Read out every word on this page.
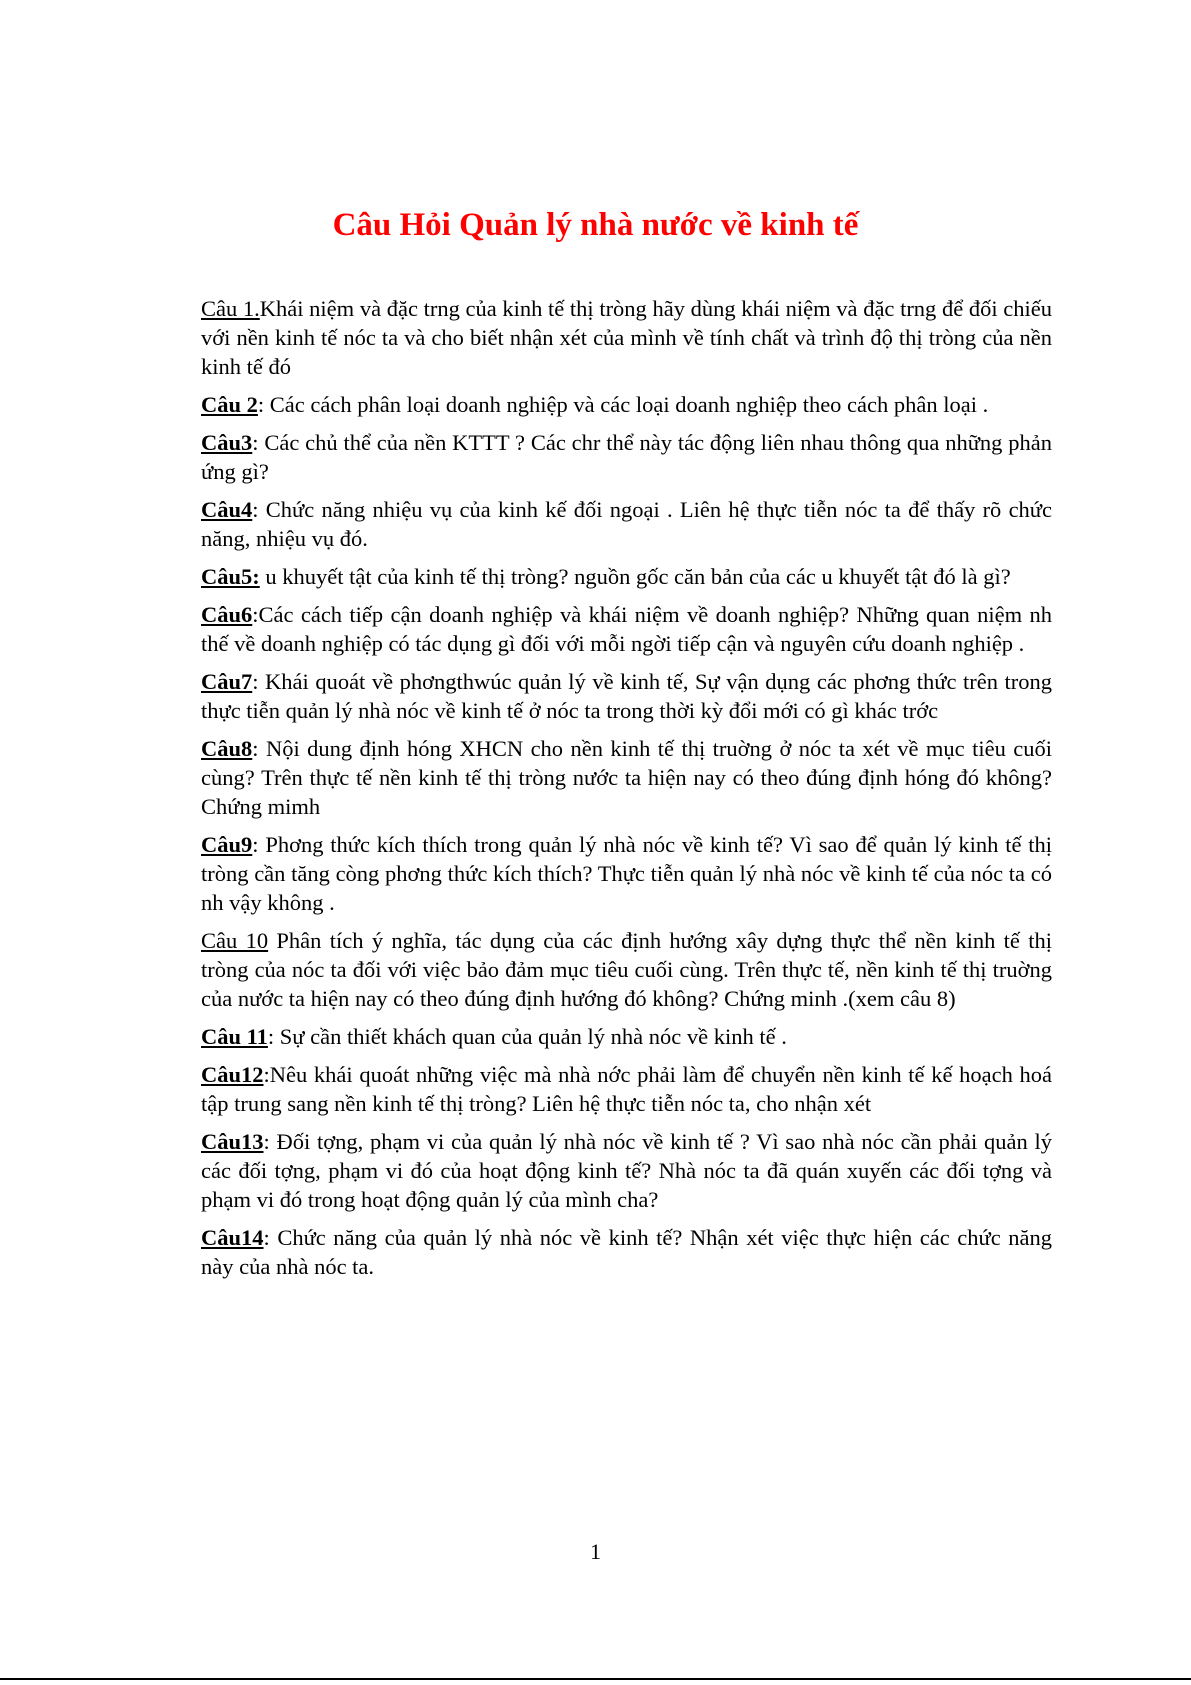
Câu Hỏi Quản lý nhà nước về kinh tế

Câu 1.Khái niệm và đặc trng của kinh tế thị tròng hãy dùng khái niệm và đặc trng để đối chiếu với nền kinh tế nóc ta và cho biết nhận xét của mình về tính chất và trình độ thị tròng của nền kinh tế đó

Câu 2: Các cách phân loại doanh nghiệp và các loại doanh nghiệp theo cách phân loại .

Câu3: Các chủ thể của nền KTTT ? Các chr thể này tác động liên nhau thông qua những phản ứng gì?

Câu4: Chức năng nhiệu vụ của kinh kế đối ngoại . Liên hệ thực tiễn nóc ta để thấy rõ chức năng, nhiệu vụ đó.

Câu5: u khuyết tật của kinh tế thị tròng? nguồn gốc căn bản của các u khuyết tật đó là gì?

Câu6:Các cách tiếp cận doanh nghiệp và khái niệm về doanh nghiệp? Những quan niệm nh thế về doanh nghiệp có tác dụng gì đối với mỗi ngời tiếp cận và nguyên cứu doanh nghiệp .

Câu7: Khái quoát về phơngthwúc quản lý về kinh tế, Sự vận dụng các phơng thức trên trong thực tiễn quản lý nhà nóc về kinh tế ở nóc ta trong thời kỳ đổi mới có gì khác trớc

Câu8: Nội dung định hóng XHCN cho nền kinh tế thị truờng ở nóc ta xét về mục tiêu cuối cùng? Trên thực tế nền kinh tế thị tròng nước ta hiện nay có theo đúng định hóng đó không? Chứng mimh

Câu9: Phơng thức kích thích trong quản lý nhà nóc về kinh tế? Vì sao để quản lý kinh tế thị tròng cần tăng còng phơng thức kích thích? Thực tiễn quản lý nhà nóc về kinh tế của nóc ta có nh vậy không .

Câu 10 Phân tích ý nghĩa, tác dụng của các định hướng xây dựng thực thể nền kinh tế thị tròng của nóc ta đối với việc bảo đảm mục tiêu cuối cùng. Trên thực tế, nền kinh tế thị truờng của nước ta hiện nay có theo đúng định hướng đó không? Chứng minh .(xem câu 8)

Câu 11: Sự cần thiết khách quan của quản lý nhà nóc về kinh tế .

Câu12:Nêu khái quoát những việc mà nhà nớc phải làm để chuyển nền kinh tế kế hoạch hoá tập trung sang nền kinh tế thị tròng? Liên hệ thực tiễn nóc ta, cho nhận xét

Câu13: Đối tợng, phạm vi của quản lý nhà nóc về kinh tế ? Vì sao nhà nóc cần phải quản lý các đối tợng, phạm vi đó của hoạt động kinh tế? Nhà nóc ta đã quán xuyến các đối tợng và phạm vi đó trong hoạt động quản lý của mình cha?

Câu14: Chức năng của quản lý nhà nóc về kinh tế? Nhận xét việc thực hiện các chức năng này của nhà nóc ta.

1
